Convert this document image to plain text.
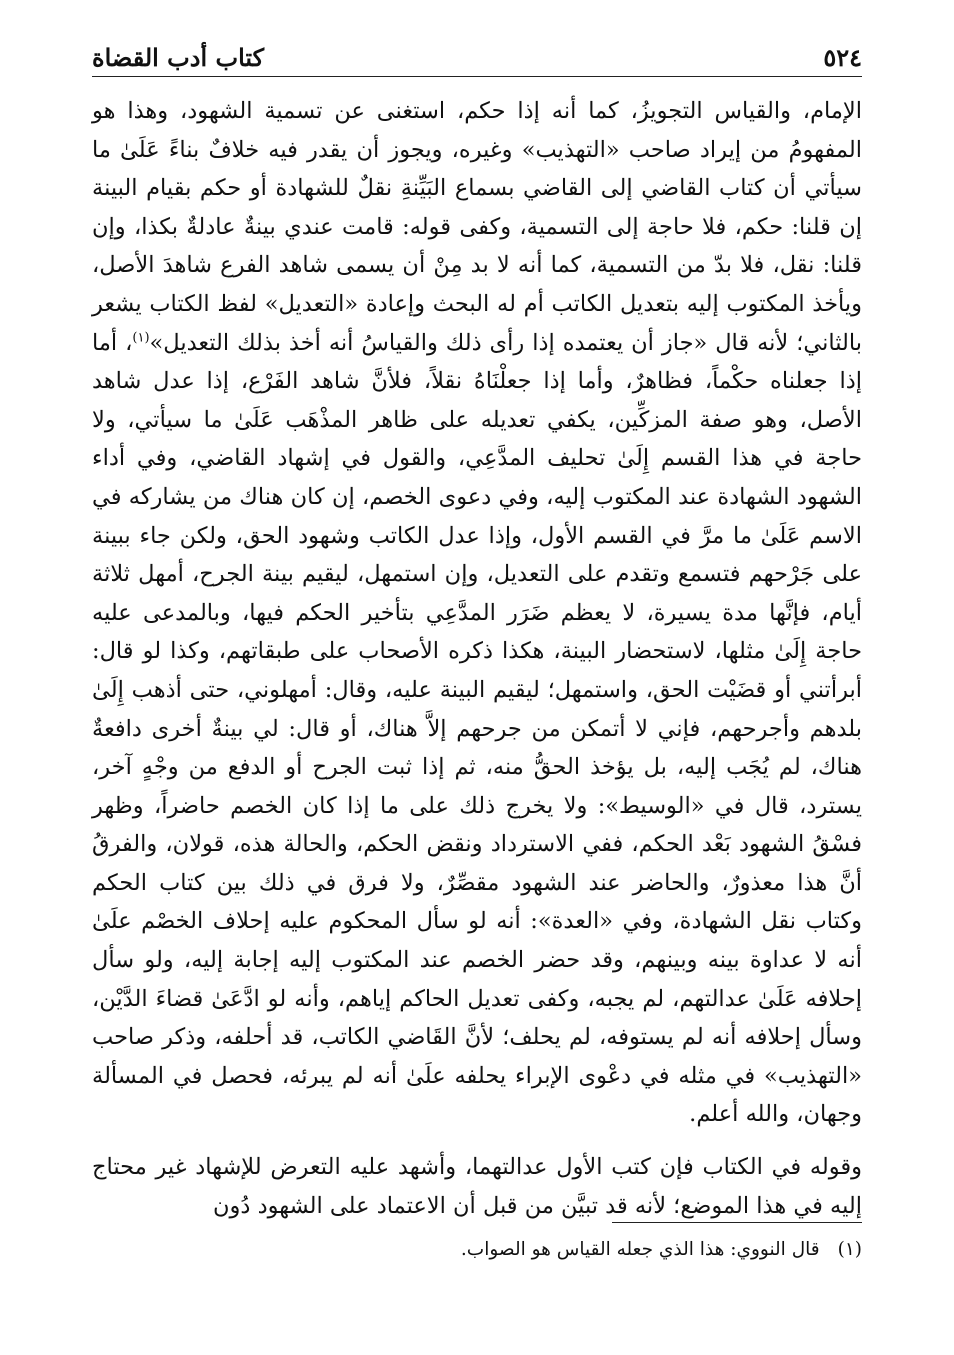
٥٢٤
كتاب أدب القضاة

الإمام، والقياس التجويزُ، كما أنه إذا حكم، استغنى عن تسمية الشهود، وهذا هو المفهومُ من إيراد صاحب «التهذيب» وغيره، ويجوز أن يقدر فيه خلافٌ بناءً عَلَىٰ ما سيأتي أن كتاب القاضي إلى القاضي بسماع البَيِّنةِ نقلٌ للشهادة أو حكم بقيام البينة إن قلنا: حكم، فلا حاجة إلى التسمية، وكفى قوله: قامت عندي بينةٌ عادلةٌ بكذا، وإن قلنا: نقل، فلا بدّ من التسمية، كما أنه لا بد مِنْ أن يسمى شاهد الفرع شاهدَ الأصل، ويأخذ المكتوب إليه بتعديل الكاتب أم له البحث وإعادة «التعديل» لفظ الكتاب يشعر بالثاني؛ لأنه قال «جاز أن يعتمده إذا رأى ذلك والقياسُ أنه أخذ بذلك التعديل»$^{(١)}$، أما إذا جعلناه حكْماً، فظاهرٌ، وأما إذا جعلْنَاهُ نقلاً، فلأنَّ شاهد الفَرْع، إذا عدل شاهد الأصل، وهو صفة المزكِّين، يكفي تعديله على ظاهر المذْهَب عَلَىٰ ما سيأتي، ولا حاجة في هذا القسم إِلَىٰ تحليف المدَّعِي، والقول في إشهاد القاضي، وفي أداء الشهود الشهادة عند المكتوب إليه، وفي دعوى الخصم، إن كان هناك من يشاركه في الاسم عَلَىٰ ما مرَّ في القسم الأول، وإذا عدل الكاتب وشهود الحق، ولكن جاء ببينة على جَرْحهم فتسمع وتقدم على التعديل، وإن استمهل، ليقيم بينة الجرح، أمهل ثلاثة أيام، فإنَّها مدة يسيرة، لا يعظم ضَرَر المدَّعِي بتأخير الحكم فيها، وبالمدعى عليه حاجة إِلَىٰ مثلها، لاستحضار البينة، هكذا ذكره الأصحاب على طبقاتهم، وكذا لو قال: أبرأتني أو قضَيْت الحق، واستمهل؛ ليقيم البينة عليه، وقال: أمهلوني، حتى أذهب إِلَىٰ بلدهم وأجرحهم، فإني لا أتمكن من جرحهم إلاَّ هناك، أو قال: لي بينةٌ أخرى دافعةٌ هناك، لم يُجَب إليه، بل يؤخذ الحقُّ منه، ثم إذا ثبت الجرح أو الدفع من وجْهٍ آخر، يسترد، قال في «الوسيط»: ولا يخرج ذلك على ما إذا كان الخصم حاضراً، وظهر فسْقُ الشهود بَعْد الحكم، ففي الاسترداد ونقض الحكم، والحالة هذه، قولان، والفرقُ أنَّ هذا معذورٌ، والحاضر عند الشهود مقصِّرٌ، ولا فرق في ذلك بين كتاب الحكم وكتاب نقل الشهادة، وفي «العدة»: أنه لو سأل المحكوم عليه إحلاف الخصْم علَىٰ أنه لا عداوة بينه وبينهم، وقد حضر الخصم عند المكتوب إليه إجابة إليه، ولو سأل إحلافه عَلَىٰ عدالتهم، لم يجبه، وكفى تعديل الحاكم إياهم، وأنه لو ادَّعَىٰ قضاءَ الدَّيْن، وسأل إحلافه أنه لم يستوفه، لم يحلف؛ لأنَّ القَاضي الكاتب، قد أحلفه، وذكر صاحب «التهذيب» في مثله في دعْوى الإبراء يحلفه علَىٰ أنه لم يبرئه، فحصل في المسألة وجهان، والله أعلم.

وقوله في الكتاب فإن كتب الأول عدالتهما، وأشهد عليه التعرض للإشهاد غير محتاج إليه في هذا الموضع؛ لأنه قد تبيَّن من قبل أن الاعتماد على الشهود دُون

(١)قال النووي: هذا الذي جعله القياس هو الصواب.
